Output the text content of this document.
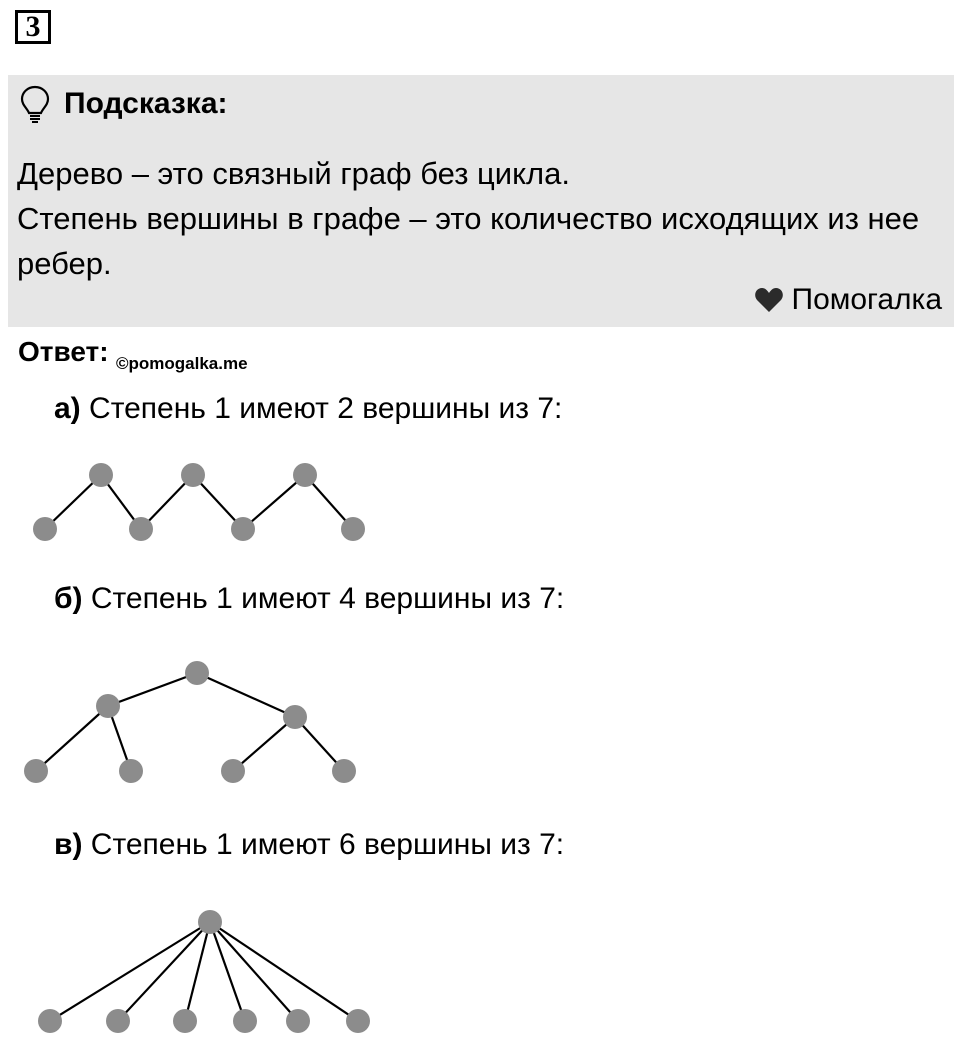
3
Подсказка:

Дерево – это связный граф без цикла.

Степень вершины в графе – это количество исходящих из нее ребер.

Помогалка
Ответ: ©pomogalka.me
а) Степень 1 имеют 2 вершины из 7:
б) Степень 1 имеют 4 вершины из 7:
в) Степень 1 имеют 6 вершины из 7:
